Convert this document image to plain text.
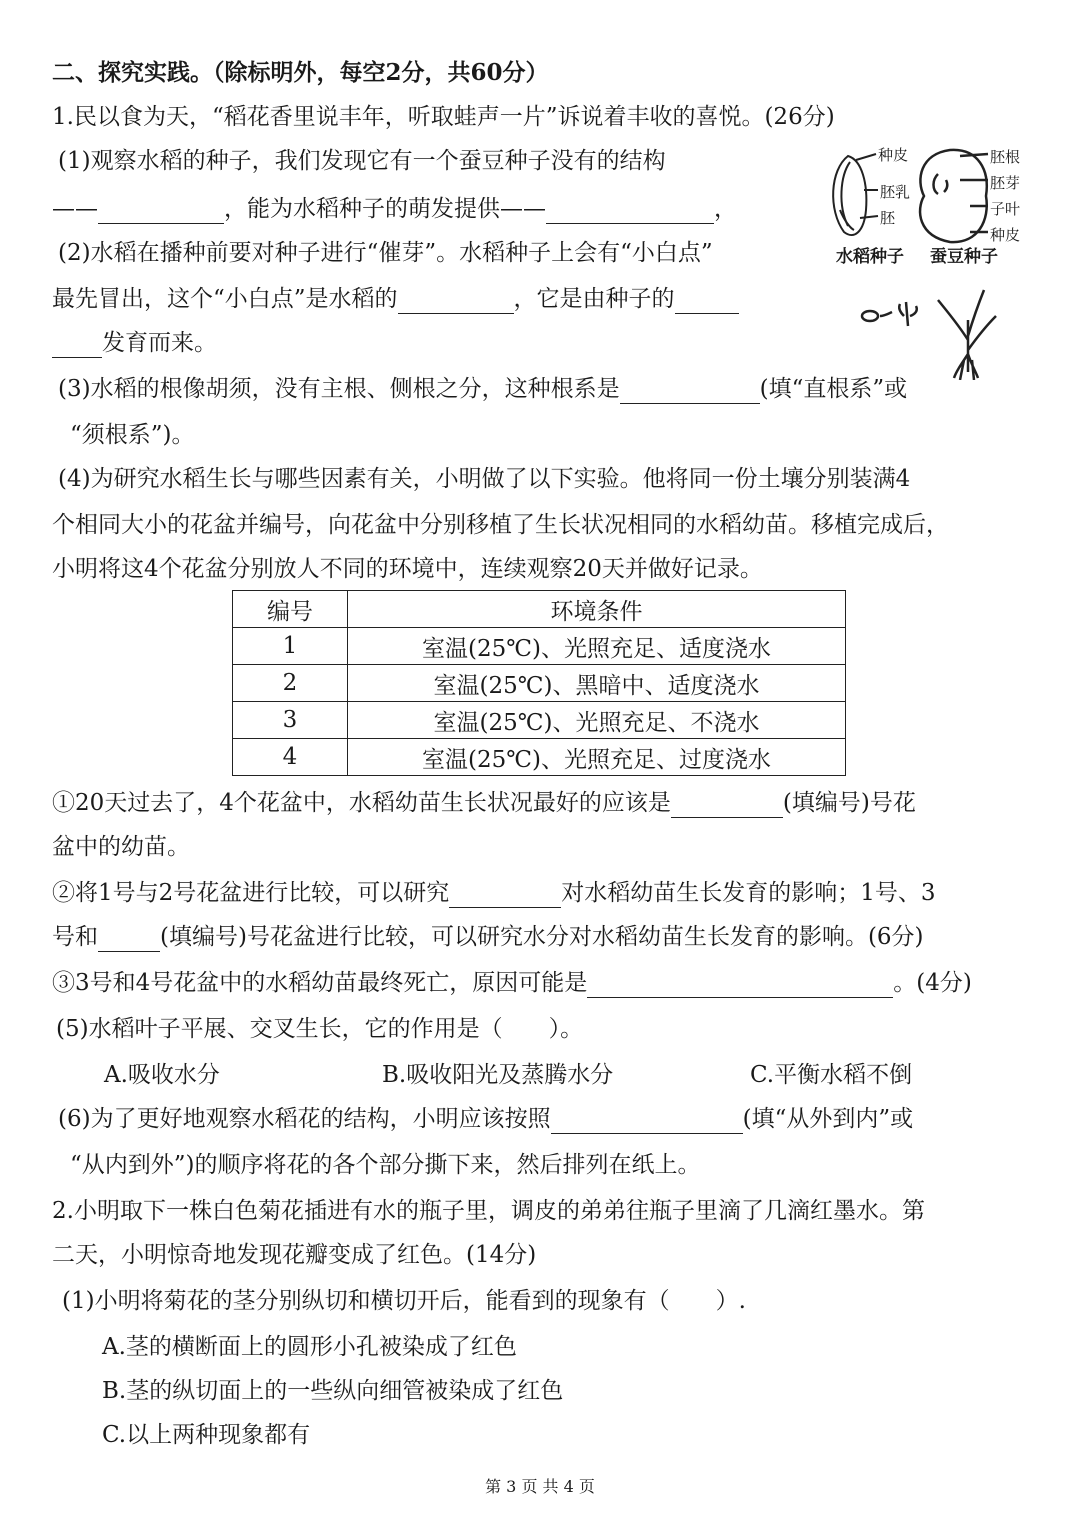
二、探究实践。（除标明外，每空2分，共60分）
1.民以食为天，“稻花香里说丰年，听取蛙声一片”诉说着丰收的喜悦。(26分)
(1)观察水稻的种子，我们发现它有一个蚕豆种子没有的结构
——	，能为水稻种子的萌发提供——	，
(2)水稻在播种前要对种子进行“催芽”。水稻种子上会有“小白点”
最先冒出，这个“小白点”是水稻的	，它是由种子的
发育而来。
(3)水稻的根像胡须，没有主根、侧根之分，这种根系是	(填“直根系”或
“须根系”)。
(4)为研究水稻生长与哪些因素有关，小明做了以下实验。他将同一份土壤分别装满4
个相同大小的花盆并编号，向花盆中分别移植了生长状况相同的水稻幼苗。移植完成后，
小明将这4个花盆分别放人不同的环境中，连续观察20天并做好记录。
编号	环境条件
1	室温(25℃)、光照充足、适度浇水
2	室温(25℃)、黑暗中、适度浇水
3	室温(25℃)、光照充足、不浇水
4	室温(25℃)、光照充足、过度浇水
①20天过去了，4个花盆中，水稻幼苗生长状况最好的应该是	(填编号)号花
盆中的幼苗。
②将1号与2号花盆进行比较，可以研究	对水稻幼苗生长发育的影响；1号、3
号和	(填编号)号花盆进行比较，可以研究水分对水稻幼苗生长发育的影响。(6分)
③3号和4号花盆中的水稻幼苗最终死亡，原因可能是	。(4分)
(5)水稻叶子平展、交叉生长，它的作用是（　　）。
A.吸收水分	B.吸收阳光及蒸腾水分	C.平衡水稻不倒
(6)为了更好地观察水稻花的结构，小明应该按照	(填“从外到内”或
“从内到外”)的顺序将花的各个部分撕下来，然后排列在纸上。
2.小明取下一株白色菊花插进有水的瓶子里，调皮的弟弟往瓶子里滴了几滴红墨水。第
二天，小明惊奇地发现花瓣变成了红色。(14分)
(1)小明将菊花的茎分别纵切和横切开后，能看到的现象有（　　）.
A.茎的横断面上的圆形小孔被染成了红色
B.茎的纵切面上的一些纵向细管被染成了红色
C.以上两种现象都有
种皮
胚乳
胚
胚根
胚芽
子叶
种皮
水稻种子 蚕豆种子
第 3 页 共 4 页
